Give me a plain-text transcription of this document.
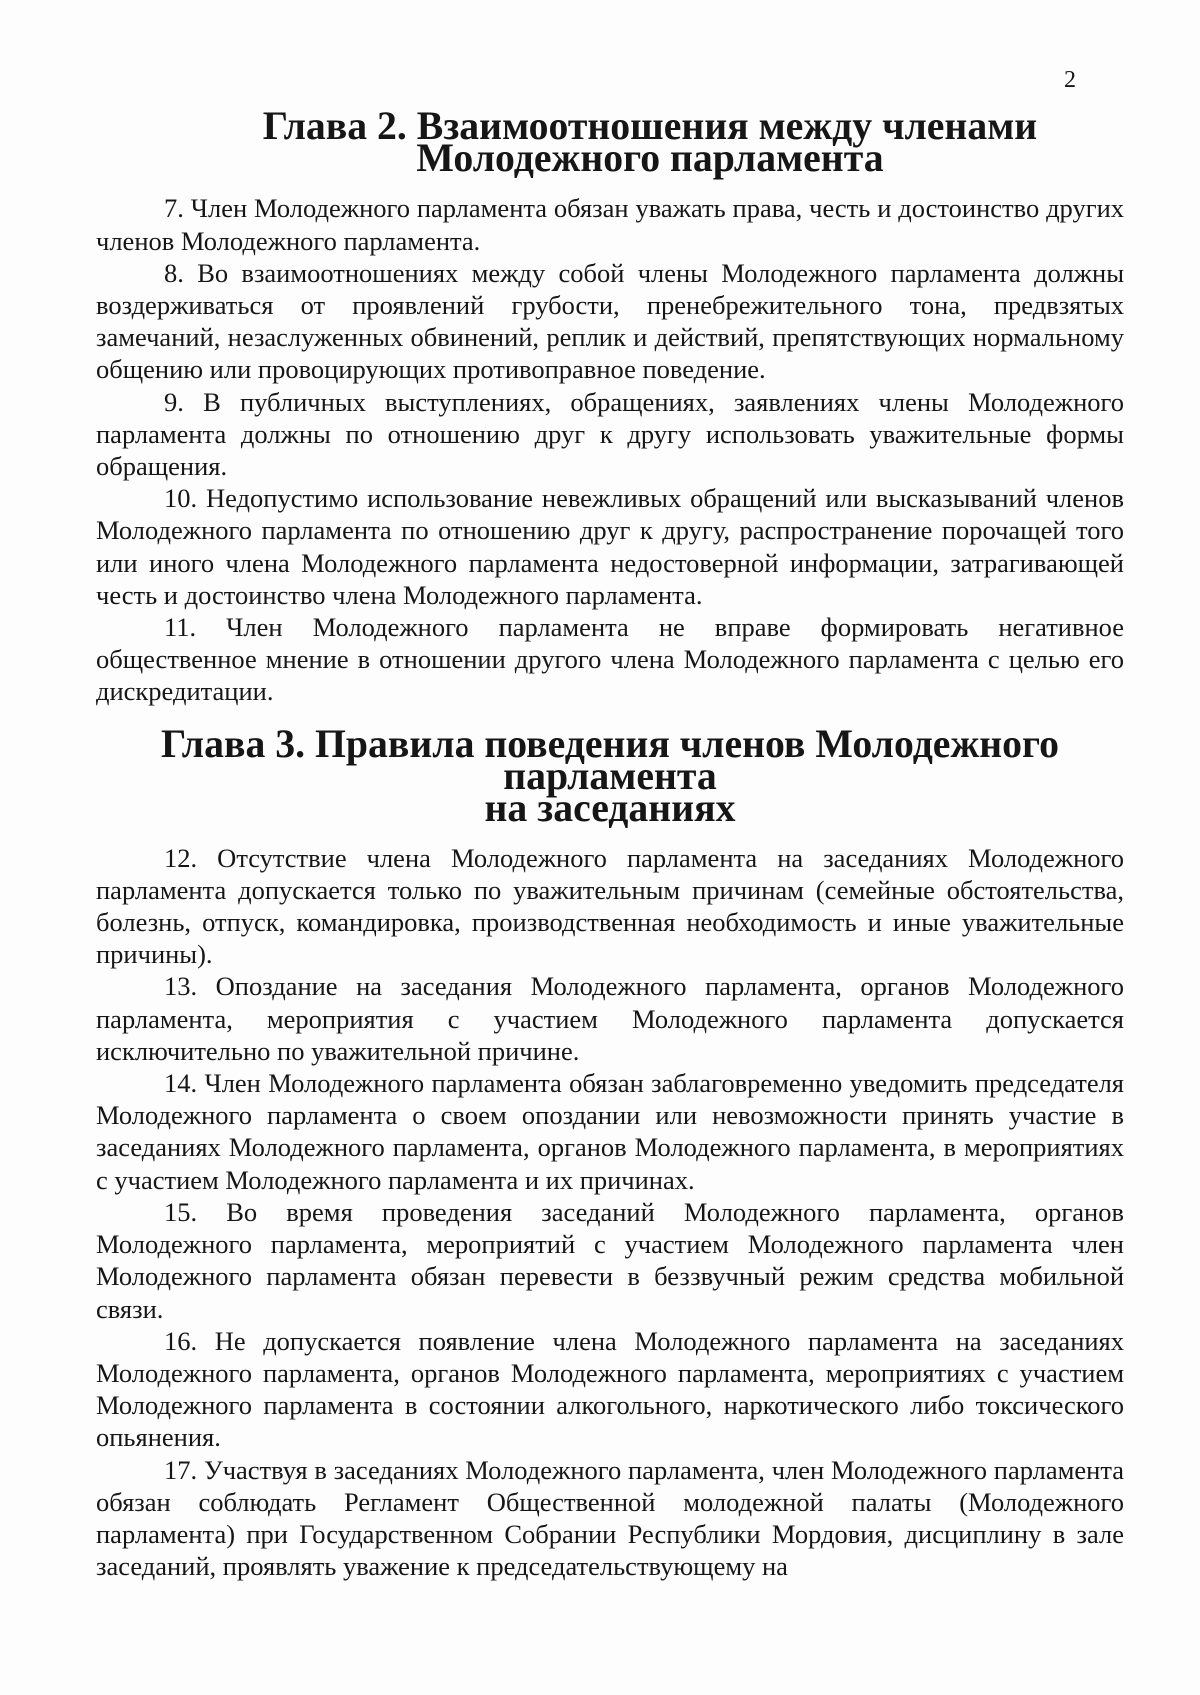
2
Глава 2. Взаимоотношения между членами Молодежного парламента

7. Член Молодежного парламента обязан уважать права, честь и достоинство других членов Молодежного парламента.

8. Во взаимоотношениях между собой члены Молодежного парламента должны воздерживаться от проявлений грубости, пренебрежительного тона, предвзятых замечаний, незаслуженных обвинений, реплик и действий, препятствующих нормальному общению или провоцирующих противоправное поведение.

9. В публичных выступлениях, обращениях, заявлениях члены Молодежного парламента должны по отношению друг к другу использовать уважительные формы обращения.

10. Недопустимо использование невежливых обращений или высказываний членов Молодежного парламента по отношению друг к другу, распространение порочащей того или иного члена Молодежного парламента недостоверной информации, затрагивающей честь и достоинство члена Молодежного парламента.

11. Член Молодежного парламента не вправе формировать негативное общественное мнение в отношении другого члена Молодежного парламента с целью его дискредитации.

Глава 3. Правила поведения членов Молодежного парламента
на заседаниях

12. Отсутствие члена Молодежного парламента на заседаниях Молодежного парламента допускается только по уважительным причинам (семейные обстоятельства, болезнь, отпуск, командировка, производственная необходимость и иные уважительные причины).

13. Опоздание на заседания Молодежного парламента, органов Молодежного парламента, мероприятия с участием Молодежного парламента допускается исключительно по уважительной причине.

14. Член Молодежного парламента обязан заблаговременно уведомить председателя Молодежного парламента о своем опоздании или невозможности принять участие в заседаниях Молодежного парламента, органов Молодежного парламента, в мероприятиях с участием Молодежного парламента и их причинах.

15. Во время проведения заседаний Молодежного парламента, органов Молодежного парламента, мероприятий с участием Молодежного парламента член Молодежного парламента обязан перевести в беззвучный режим средства мобильной связи.

16. Не допускается появление члена Молодежного парламента на заседаниях Молодежного парламента, органов Молодежного парламента, мероприятиях с участием Молодежного парламента в состоянии алкогольного, наркотического либо токсического опьянения.

17. Участвуя в заседаниях Молодежного парламента, член Молодежного парламента обязан соблюдать Регламент Общественной молодежной палаты (Молодежного парламента) при Государственном Собрании Республики Мордовия, дисциплину в зале заседаний, проявлять уважение к председательствующему на
